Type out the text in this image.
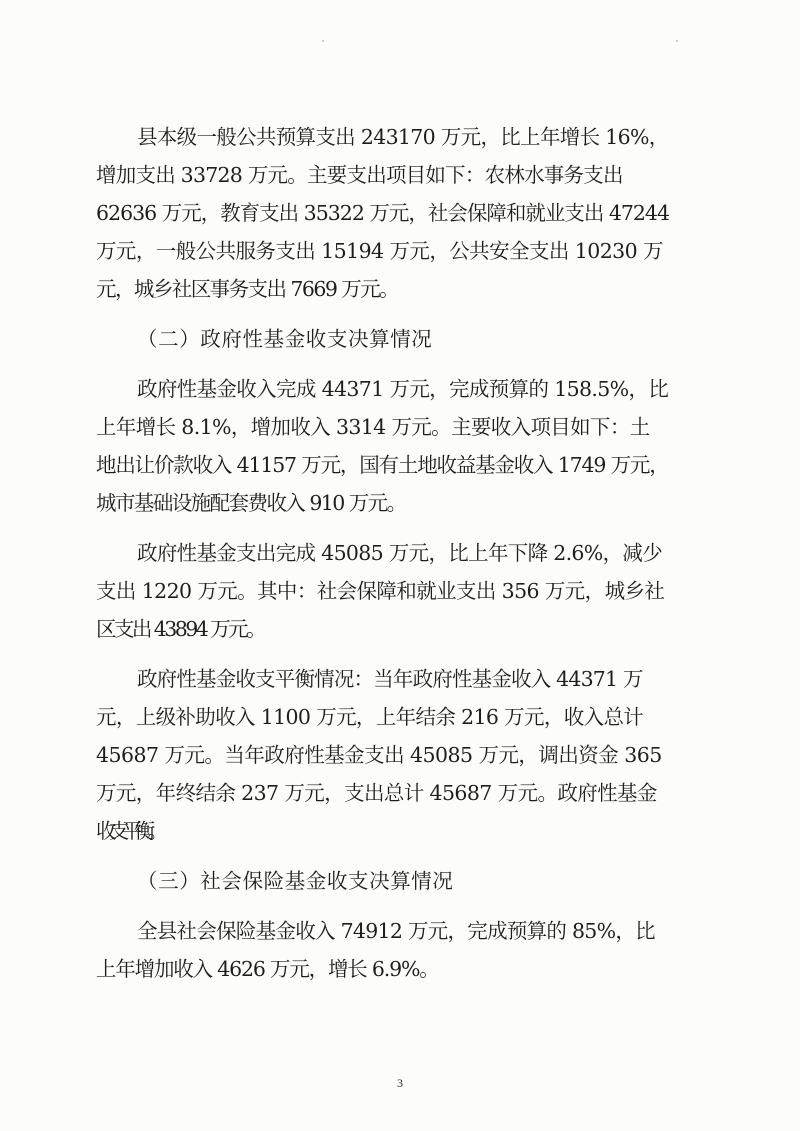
县本级一般公共预算支出 243170 万元，比上年增长 16%，
增加支出 33728 万元。主要支出项目如下：农林水事务支出
62636 万元，教育支出 35322 万元，社会保障和就业支出 47244
万元，一般公共服务支出 15194 万元，公共安全支出 10230 万
元，城乡社区事务支出 7669 万元。

（二）政府性基金收支决算情况

政府性基金收入完成 44371 万元，完成预算的 158.5%，比
上年增长 8.1%，增加收入 3314 万元。主要收入项目如下：土
地出让价款收入 41157 万元，国有土地收益基金收入 1749 万元，
城市基础设施配套费收入 910 万元。

政府性基金支出完成 45085 万元，比上年下降 2.6%，减少
支出 1220 万元。其中：社会保障和就业支出 356 万元，城乡社
区支出 43894 万元。

政府性基金收支平衡情况：当年政府性基金收入 44371 万
元，上级补助收入 1100 万元，上年结余 216 万元，收入总计
45687 万元。当年政府性基金支出 45085 万元，调出资金 365
万元，年终结余 237 万元，支出总计 45687 万元。政府性基金
收支平衡。

（三）社会保险基金收支决算情况

全县社会保险基金收入 74912 万元，完成预算的 85%，比
上年增加收入 4626 万元，增长 6.9%。

3
